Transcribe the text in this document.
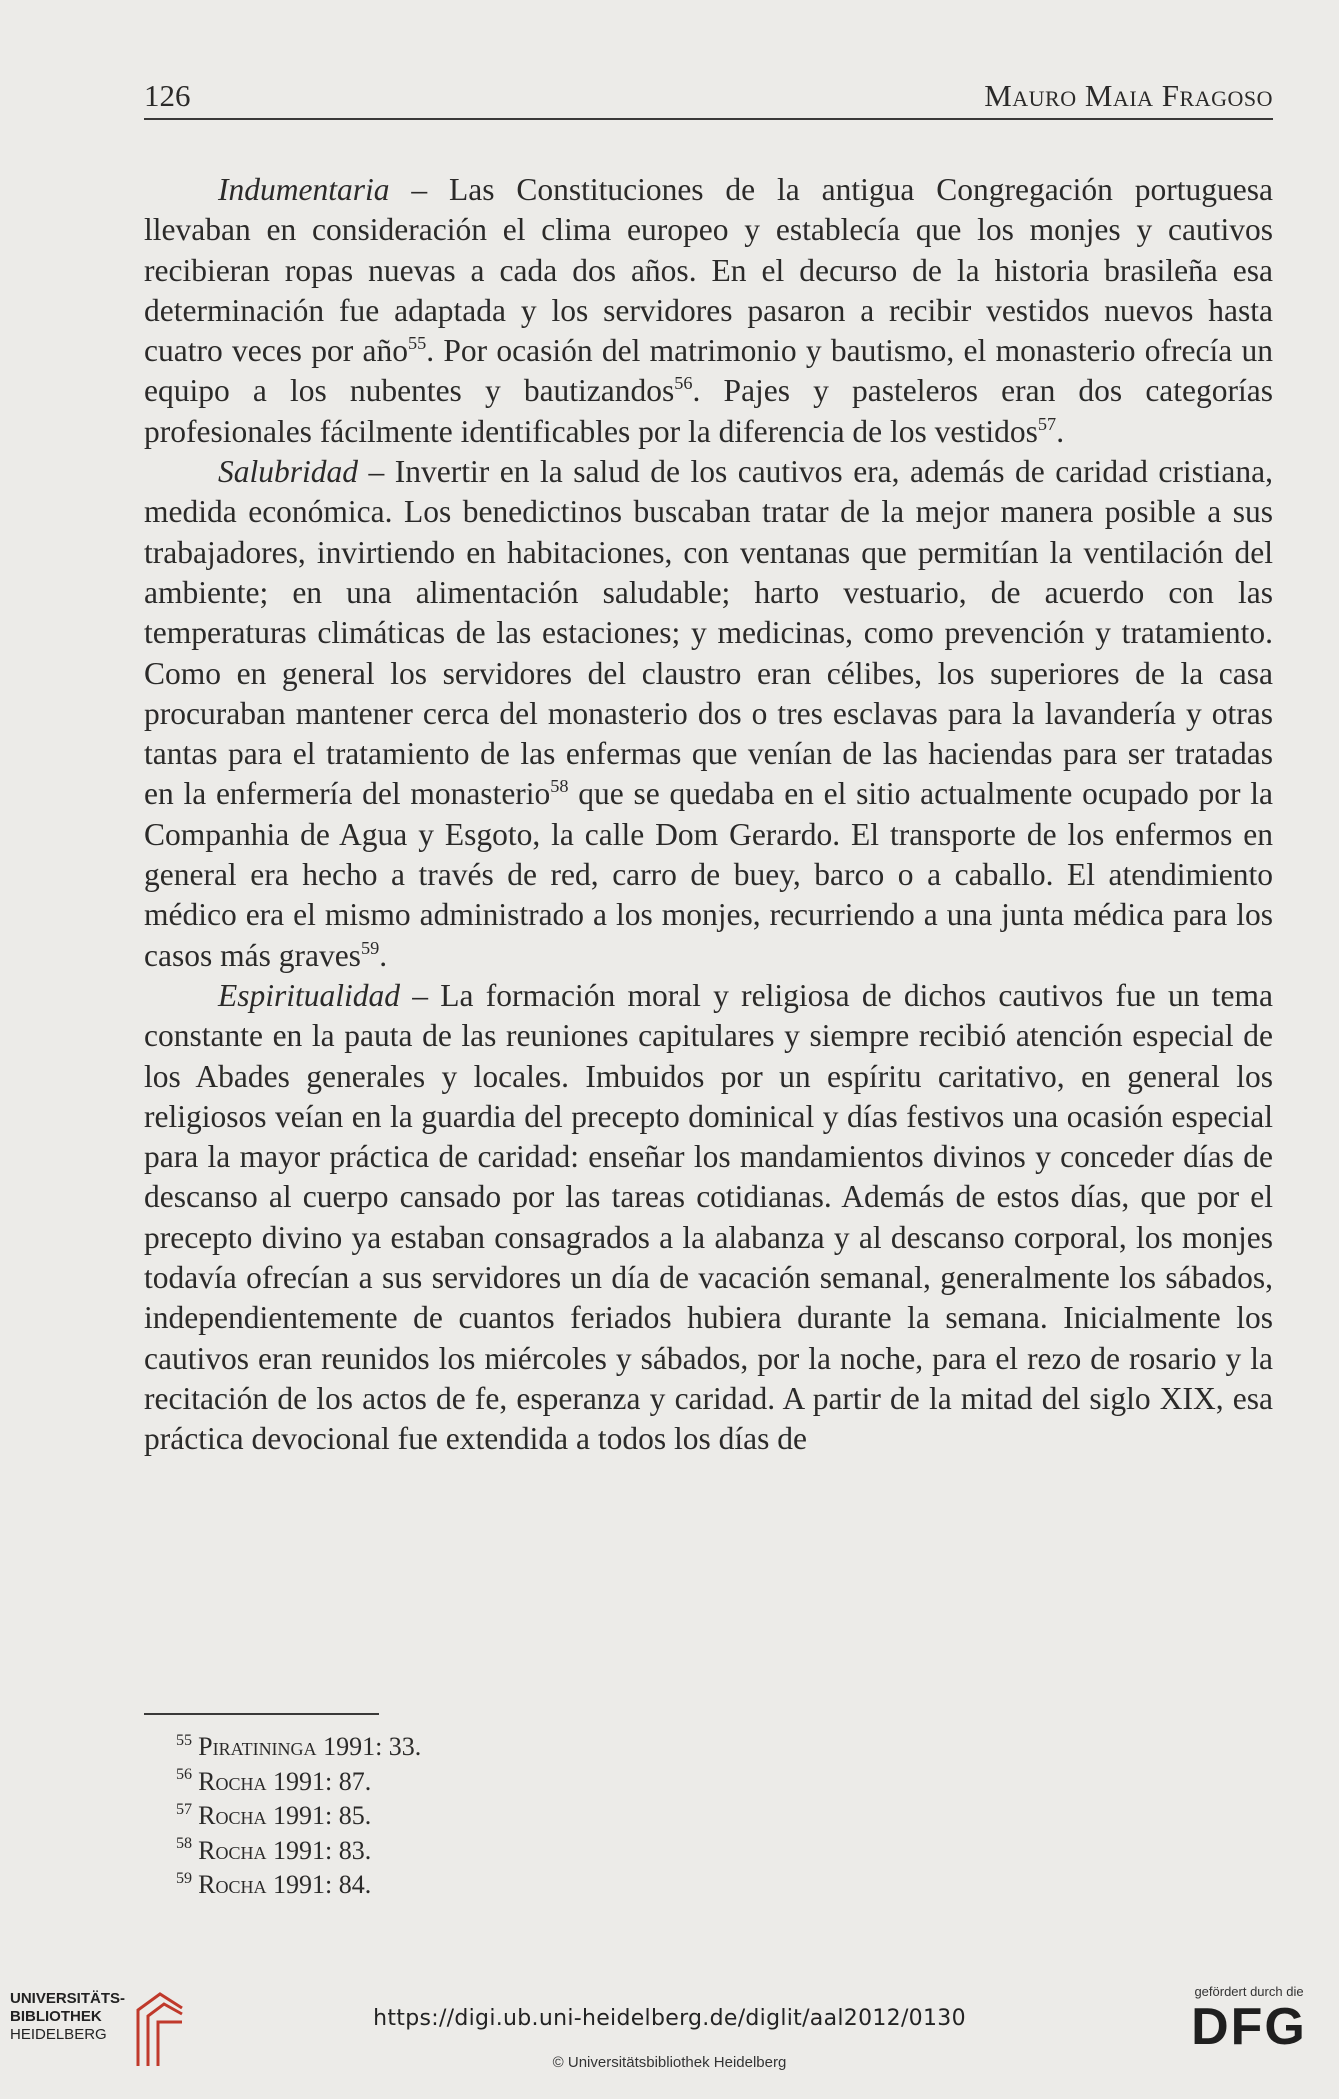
126	Mauro Maia Fragoso

Indumentaria – Las Constituciones de la antigua Congregación portuguesa llevaban en consideración el clima europeo y establecía que los monjes y cautivos recibieran ropas nuevas a cada dos años. En el decurso de la historia brasileña esa determinación fue adaptada y los servidores pasaron a recibir vestidos nuevos hasta cuatro veces por año$^{55}$. Por ocasión del matrimonio y bautismo, el monasterio ofrecía un equipo a los nubentes y bautizandos$^{56}$. Pajes y pasteleros eran dos categorías profesionales fácilmente identificables por la diferencia de los vestidos$^{57}$.

Salubridad – Invertir en la salud de los cautivos era, además de caridad cristiana, medida económica. Los benedictinos buscaban tratar de la mejor manera posible a sus trabajadores, invirtiendo en habitaciones, con ventanas que permitían la ventilación del ambiente; en una alimentación saludable; harto vestuario, de acuerdo con las temperaturas climáticas de las estaciones; y medicinas, como prevención y tratamiento. Como en general los servidores del claustro eran célibes, los superiores de la casa procuraban mantener cerca del monasterio dos o tres esclavas para la lavandería y otras tantas para el tratamiento de las enfermas que venían de las haciendas para ser tratadas en la enfermería del monasterio$^{58}$ que se quedaba en el sitio actualmente ocupado por la Companhia de Agua y Esgoto, la calle Dom Gerardo. El transporte de los enfermos en general era hecho a través de red, carro de buey, barco o a caballo. El atendimiento médico era el mismo administrado a los monjes, recurriendo a una junta médica para los casos más graves$^{59}$.

Espiritualidad – La formación moral y religiosa de dichos cautivos fue un tema constante en la pauta de las reuniones capitulares y siempre recibió atención especial de los Abades generales y locales. Imbuidos por un espíritu caritativo, en general los religiosos veían en la guardia del precepto dominical y días festivos una ocasión especial para la mayor práctica de caridad: enseñar los mandamientos divinos y conceder días de descanso al cuerpo cansado por las tareas cotidianas. Además de estos días, que por el precepto divino ya estaban consagrados a la alabanza y al descanso corporal, los monjes todavía ofrecían a sus servidores un día de vacación semanal, generalmente los sábados, independientemente de cuantos feriados hubiera durante la semana. Inicialmente los cautivos eran reunidos los miércoles y sábados, por la noche, para el rezo de rosario y la recitación de los actos de fe, esperanza y caridad. A partir de la mitad del siglo XIX, esa práctica devocional fue extendida a todos los días de

$^{55}$ Piratininga 1991: 33.
$^{56}$ Rocha 1991: 87.
$^{57}$ Rocha 1991: 85.
$^{58}$ Rocha 1991: 83.
$^{59}$ Rocha 1991: 84.
UNIVERSITÄTS-
BIBLIOTHEK
HEIDELBERG
https://digi.ub.uni-heidelberg.de/diglit/aal2012/0130
© Universitätsbibliothek Heidelberg
gefördert durch die
DFG
